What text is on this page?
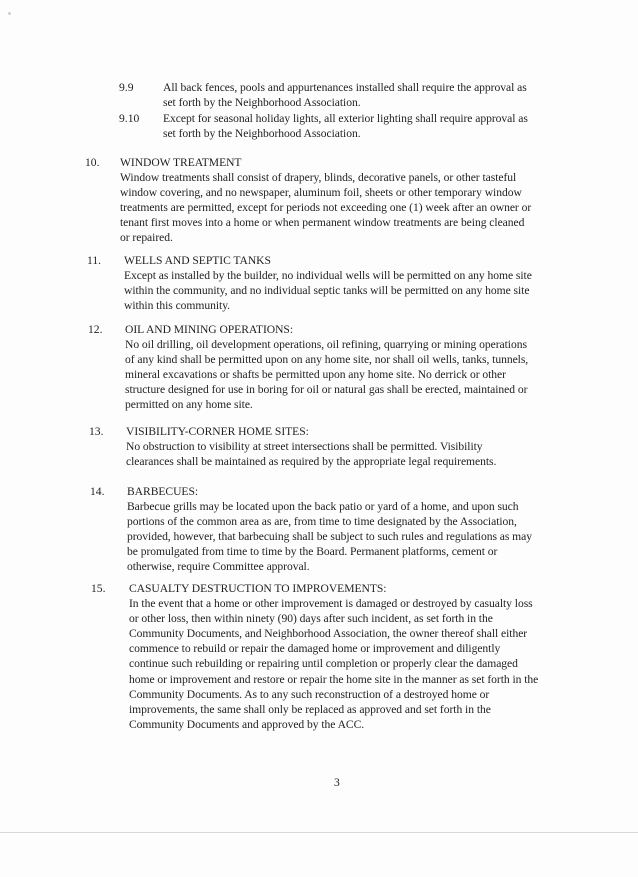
9.9	All back fences, pools and appurtenances installed shall require the approval as
set forth by the Neighborhood Association.
9.10 Except for seasonal holiday lights, all exterior lighting shall require approval as
set forth by the Neighborhood Association.
10. WINDOW TREATMENT
Window treatments shall consist of drapery, blinds, decorative panels, or other tasteful
window covering, and no newspaper, aluminum foil, sheets or other temporary window
treatments are permitted, except for periods not exceeding one (1) week after an owner or
tenant first moves into a home or when permanent window treatments are being cleaned
or repaired.
11. WELLS AND SEPTIC TANKS
Except as installed by the builder, no individual wells will be permitted on any home site
within the community, and no individual septic tanks will be permitted on any home site
within this community.
12. OIL AND MINING OPERATIONS:
No oil drilling, oil development operations, oil refining, quarrying or mining operations
of any kind shall be permitted upon on any home site, nor shall oil wells, tanks, tunnels,
mineral excavations or shafts be permitted upon any home site. No derrick or other
structure designed for use in boring for oil or natural gas shall be erected, maintained or
permitted on any home site.
13. VISIBILITY-CORNER HOME SITES:
No obstruction to visibility at street intersections shall be permitted. Visibility
clearances shall be maintained as required by the appropriate legal requirements.
14. BARBECUES:
Barbecue grills may be located upon the back patio or yard of a home, and upon such
portions of the common area as are, from time to time designated by the Association,
provided, however, that barbecuing shall be subject to such rules and regulations as may
be promulgated from time to time by the Board. Permanent platforms, cement or
otherwise, require Committee approval.
15. CASUALTY DESTRUCTION TO IMPROVEMENTS:
In the event that a home or other improvement is damaged or destroyed by casualty loss
or other loss, then within ninety (90) days after such incident, as set forth in the
Community Documents, and Neighborhood Association, the owner thereof shall either
commence to rebuild or repair the damaged home or improvement and diligently
continue such rebuilding or repairing until completion or properly clear the damaged
home or improvement and restore or repair the home site in the manner as set forth in the
Community Documents. As to any such reconstruction of a destroyed home or
improvements, the same shall only be replaced as approved and set forth in the
Community Documents and approved by the ACC.
3
